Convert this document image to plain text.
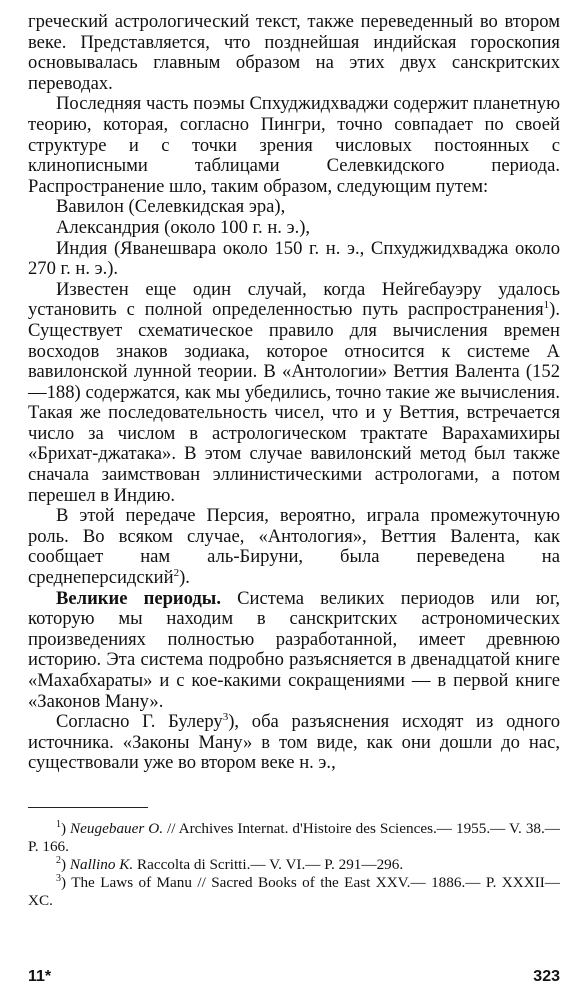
греческий астрологический текст, также переведенный во втором веке. Представляется, что позднейшая индийская гороскопия основывалась главным образом на этих двух санскритских переводах.

Последняя часть поэмы Спхуджидхваджи содержит планетную теорию, которая, согласно Пингри, точно совпадает по своей структуре и с точки зрения числовых постоянных с клинописными таблицами Селевкидского периода. Распространение шло, таким образом, следующим путем:

Вавилон (Селевкидская эра),
Александрия (около 100 г. н. э.),
Индия (Яванешвара около 150 г. н. э., Спхуджидхваджа около 270 г. н. э.).

Известен еще один случай, когда Нейгебауэру удалось установить с полной определенностью путь распространения$^1$). Существует схематическое правило для вычисления времен восходов знаков зодиака, которое относится к системе А вавилонской лунной теории. В «Антологии» Веттия Валента (152—188) содержатся, как мы убедились, точно такие же вычисления. Такая же последовательность чисел, что и у Веттия, встречается число за числом в астрологическом трактате Варахамихиры «Брихат-джатака». В этом случае вавилонский метод был также сначала заимствован эллинистическими астрологами, а потом перешел в Индию.

В этой передаче Персия, вероятно, играла промежуточную роль. Во всяком случае, «Антология», Веттия Валента, как сообщает нам аль-Бируни, была переведена на среднеперсидский$^2$).

Великие периоды. Система великих периодов или юг, которую мы находим в санскритских астрономических произведениях полностью разработанной, имеет древнюю историю. Эта система подробно разъясняется в двенадцатой книге «Махабхараты» и с кое-какими сокращениями — в первой книге «Законов Ману».

Согласно Г. Булеру$^3$), оба разъяснения исходят из одного источника. «Законы Ману» в том виде, как они дошли до нас, существовали уже во втором веке н. э.,

$^1$) Neugebauer O. // Archives Internat. d'Histoire des Sciences.— 1955.— V. 38.— P. 166.

$^2$) Nallino K. Raccolta di Scritti.— V. VI.— P. 291—296.

$^3$) The Laws of Manu // Sacred Books of the East XXV.— 1886.— P. XXXII—XC.

11*	323
